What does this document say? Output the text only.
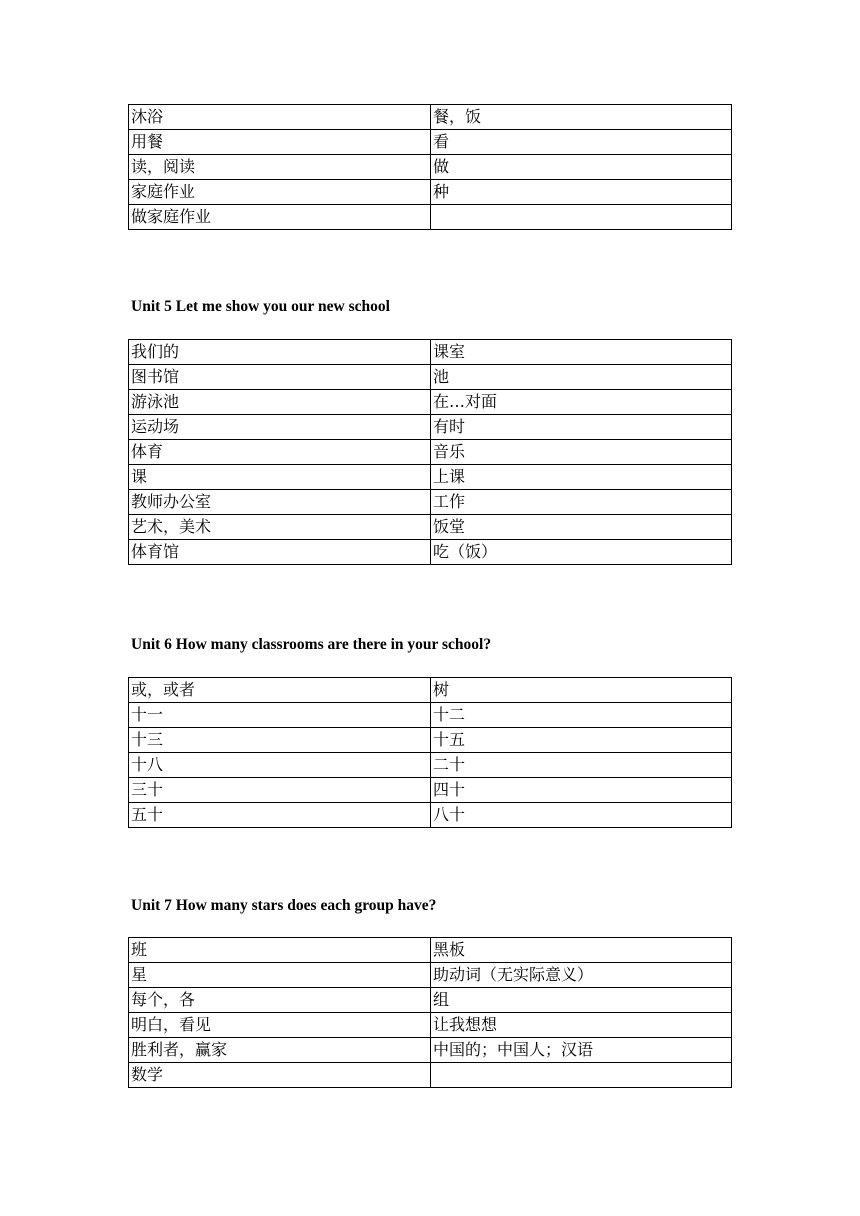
沐浴	餐，饭
用餐	看
读，阅读	做
家庭作业	种
做家庭作业	
Unit 5 Let me show you our new school
我们的	课室
图书馆	池
游泳池	在…对面
运动场	有时
体育	音乐
课	上课
教师办公室	工作
艺术，美术	饭堂
体育馆	吃（饭）
Unit 6 How many classrooms are there in your school?
或，或者	树
十一	十二
十三	十五
十八	二十
三十	四十
五十	八十
Unit 7 How many stars does each group have?
班	黑板
星	助动词（无实际意义）
每个，各	组
明白，看见	让我想想
胜利者，赢家	中国的；中国人；汉语
数学	
